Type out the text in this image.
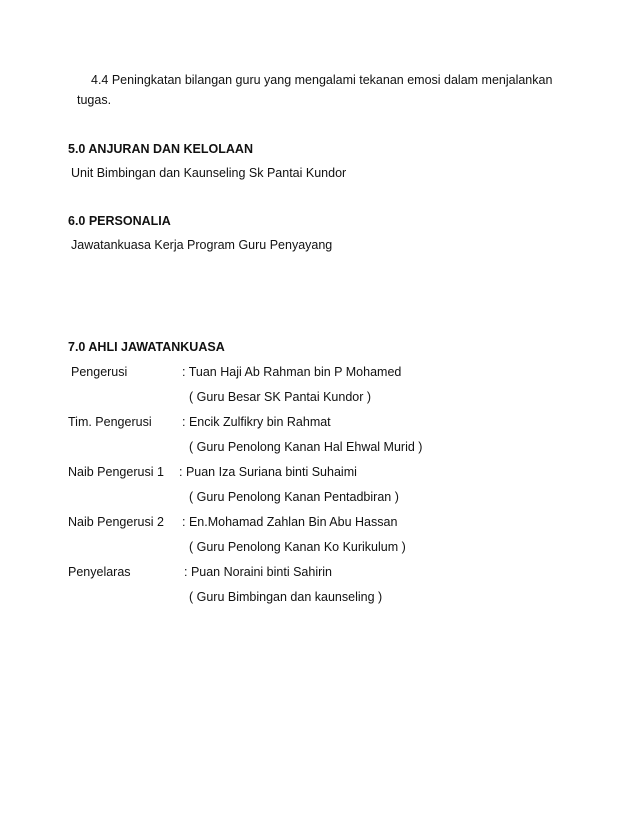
4.4 Peningkatan bilangan guru yang mengalami tekanan emosi dalam menjalankan
tugas.
5.0 ANJURAN DAN KELOLAAN
Unit Bimbingan dan Kaunseling Sk Pantai Kundor
6.0 PERSONALIA
Jawatankuasa Kerja Program Guru Penyayang
7.0 AHLI JAWATANKUASA
Pengerusi	: Tuan Haji Ab Rahman bin P Mohamed
( Guru Besar SK Pantai Kundor )
Tim. Pengerusi : Encik Zulfikry bin Rahmat
( Guru Penolong Kanan Hal Ehwal Murid )
Naib Pengerusi 1 : Puan Iza Suriana binti Suhaimi
( Guru Penolong Kanan Pentadbiran )
Naib Pengerusi 2 : En.Mohamad Zahlan Bin Abu Hassan
( Guru Penolong Kanan Ko Kurikulum )
Penyelaras	: Puan Noraini binti Sahirin
( Guru Bimbingan dan kaunseling )
